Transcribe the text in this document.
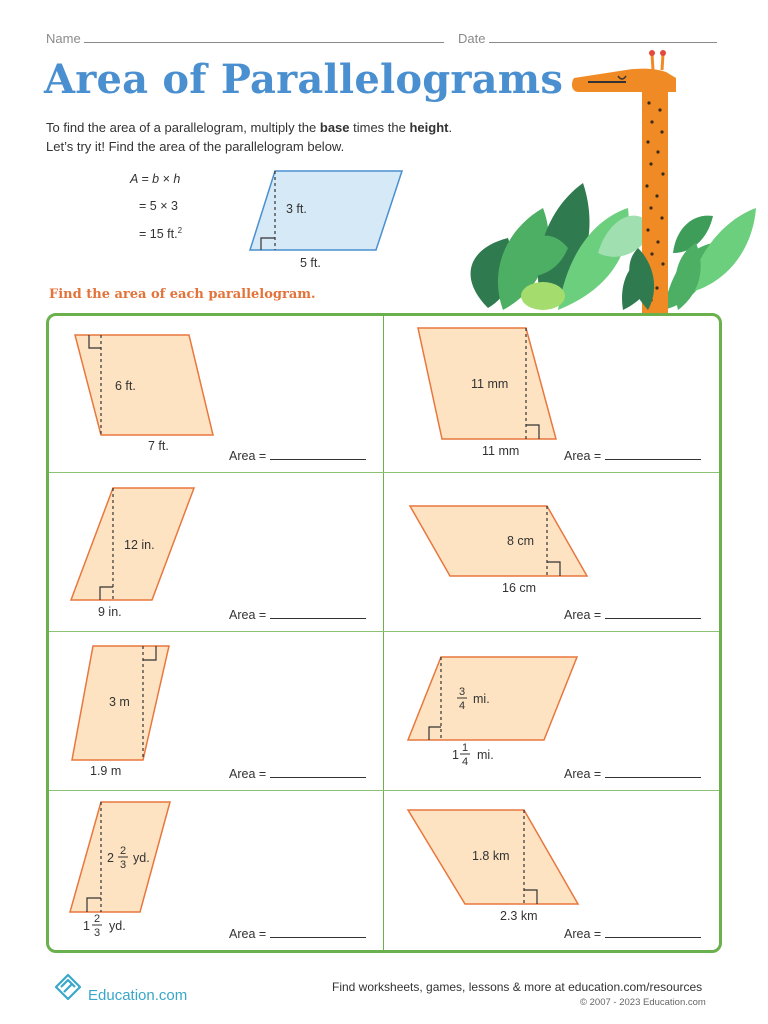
Name	Date
Area of Parallelograms
To find the area of a parallelogram, multiply the base times the height.
Let’s try it! Find the area of the parallelogram below.
A = b × h
= 5 × 3
= 15 ft.$^2$
3 ft.
5 ft.
Find the area of each parallelogram.
6 ft.
7 ft.
Area =
11 mm
11 mm	Area =
12 in.
9 in.	Area =
8 cm
16 cm
Area =
3 m
1.9 m	Area =
3
4 mi.
1 1
4 mi.
Area =
2 2
3 yd.
1 2
3 yd.
Area =
1.8 km
2.3 km
Area =
Education.com	Find worksheets, games, lessons & more at education.com/resources
© 2007 - 2023 Education.com
